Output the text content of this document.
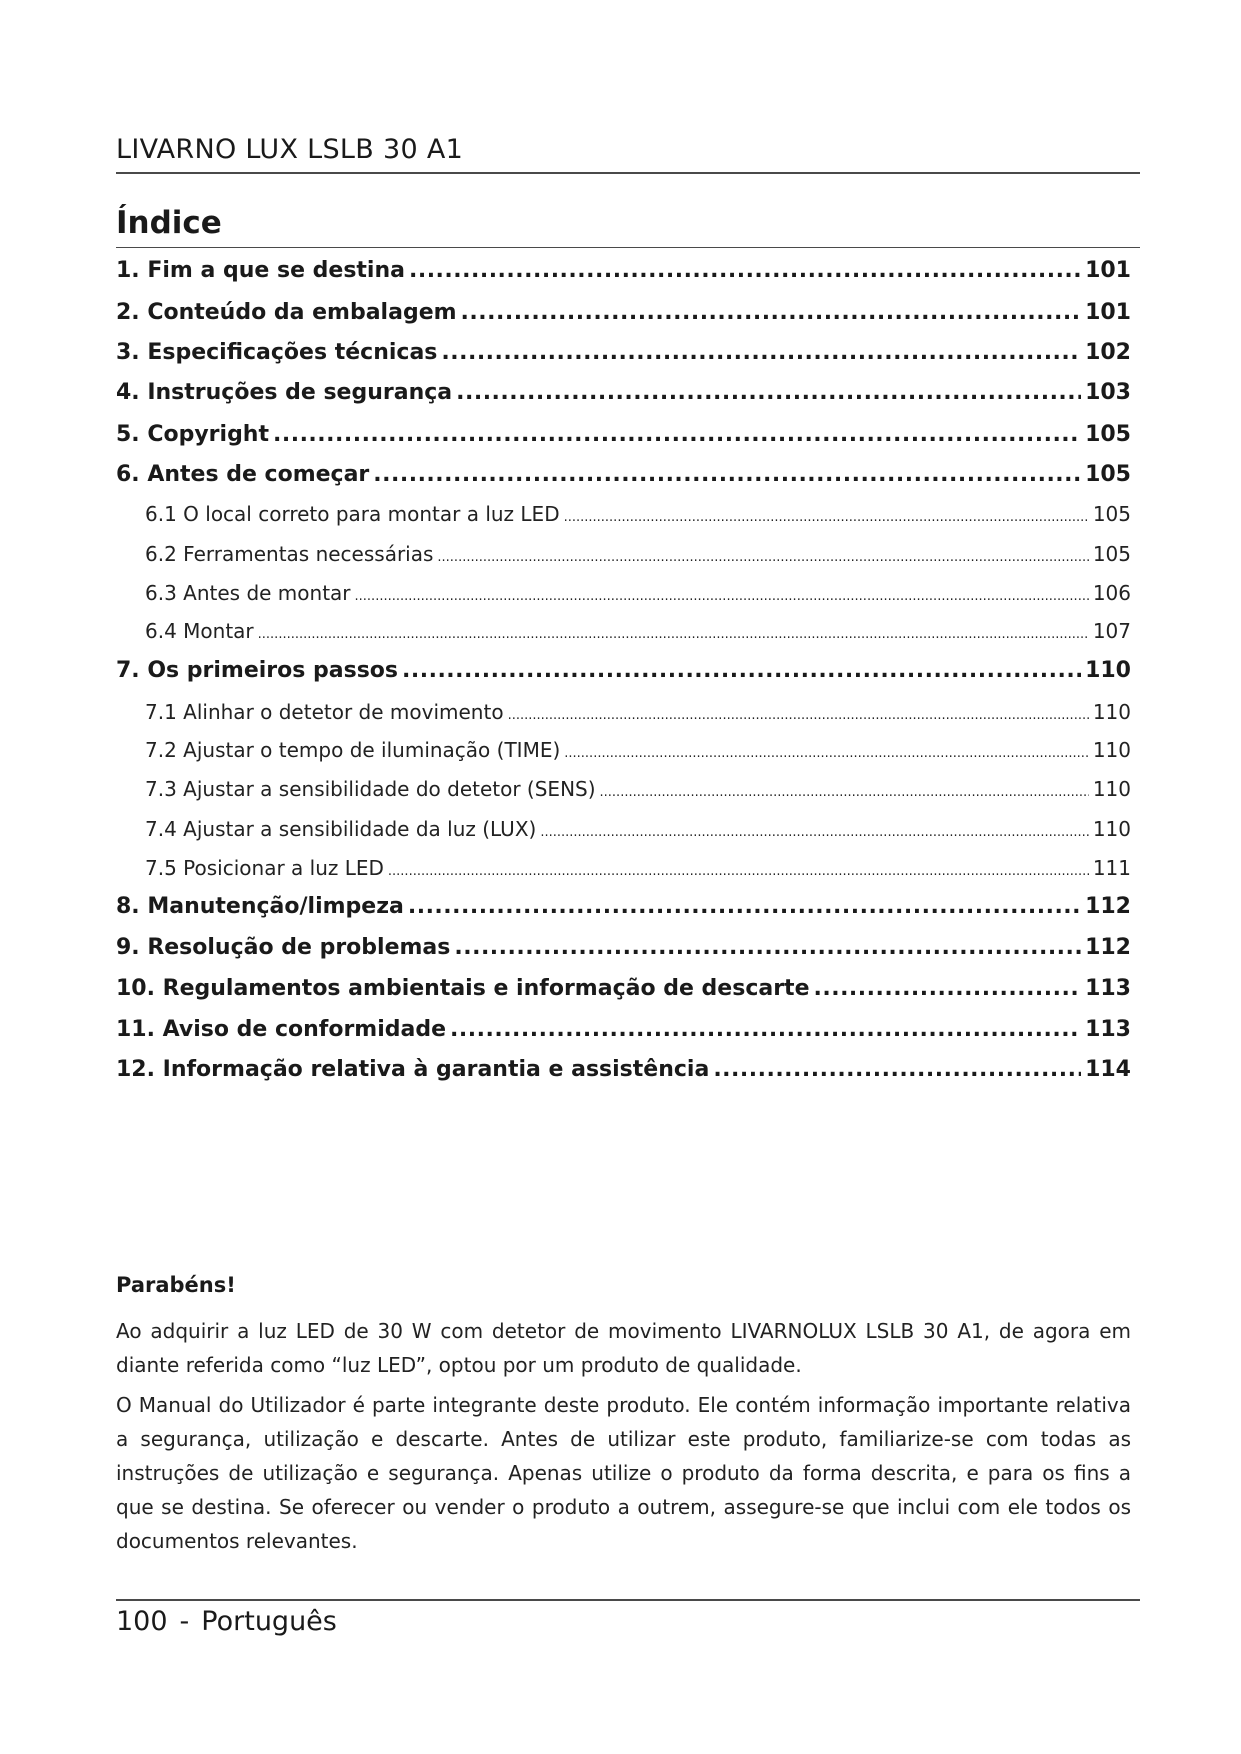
LIVARNO LUX LSLB 30 A1
Índice
1. Fim a que se destina .....	101
2. Conteúdo da embalagem .....	101
3. Especificações técnicas .....	102
4. Instruções de segurança .....	103
5. Copyright .....	105
6. Antes de começar .....	105
6.1 O local correto para montar a luz LED .....	105
6.2 Ferramentas necessárias .....	105
6.3 Antes de montar .....	106
6.4 Montar .....	107
7. Os primeiros passos .....	110
7.1 Alinhar o detetor de movimento .....	110
7.2 Ajustar o tempo de iluminação (TIME) .....	110
7.3 Ajustar a sensibilidade do detetor (SENS) .....	110
7.4 Ajustar a sensibilidade da luz (LUX) .....	110
7.5 Posicionar a luz LED .....	111
8. Manutenção/limpeza .....	112
9. Resolução de problemas .....	112
10. Regulamentos ambientais e informação de descarte .....	113
11. Aviso de conformidade .....	113
12. Informação relativa à garantia e assistência .....	114
Parabéns!
Ao adquirir a luz LED de 30 W com detetor de movimento LIVARNOLUX LSLB 30 A1, de agora em diante referida como “luz LED”, optou por um produto de qualidade.
O Manual do Utilizador é parte integrante deste produto. Ele contém informação importante relativa a segurança, utilização e descarte. Antes de utilizar este produto, familiarize-se com todas as instruções de utilização e segurança. Apenas utilize o produto da forma descrita, e para os fins a que se destina. Se oferecer ou vender o produto a outrem, assegure-se que inclui com ele todos os documentos relevantes.
100 - Português
